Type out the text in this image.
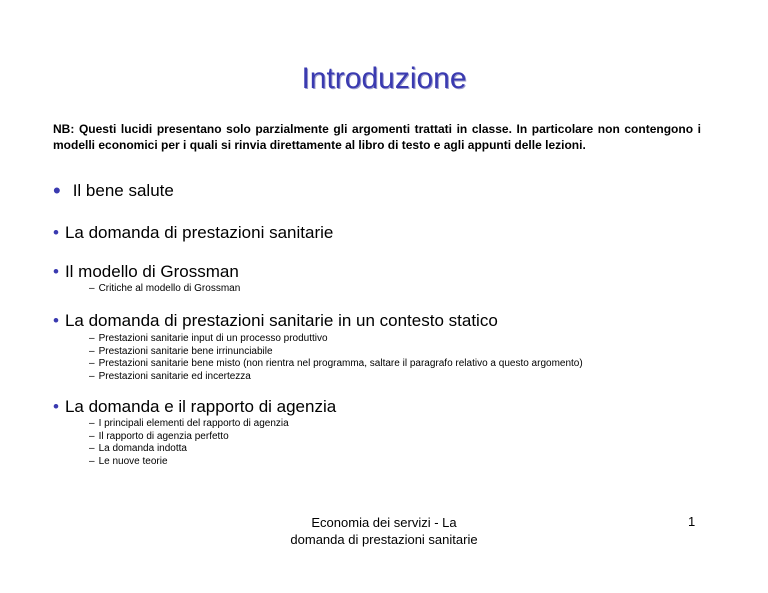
Introduzione
NB: Questi lucidi presentano solo parzialmente gli argomenti trattati in classe. In particolare non contengono i modelli economici per i quali si rinvia direttamente al libro di testo e agli appunti delle lezioni.
• Il bene salute
• La domanda di prestazioni sanitarie
• Il modello di Grossman
– Critiche al modello di Grossman
• La domanda di prestazioni sanitarie in un contesto statico
– Prestazioni sanitarie input di un processo produttivo
– Prestazioni sanitarie bene irrinunciabile
– Prestazioni sanitarie bene misto (non rientra nel programma, saltare il paragrafo relativo a questo argomento)
– Prestazioni sanitarie ed incertezza
• La domanda e il rapporto di agenzia
– I principali elementi del rapporto di agenzia
– Il rapporto di agenzia perfetto
– La domanda indotta
– Le nuove teorie
Economia dei servizi - La
domanda di prestazioni sanitarie
1
